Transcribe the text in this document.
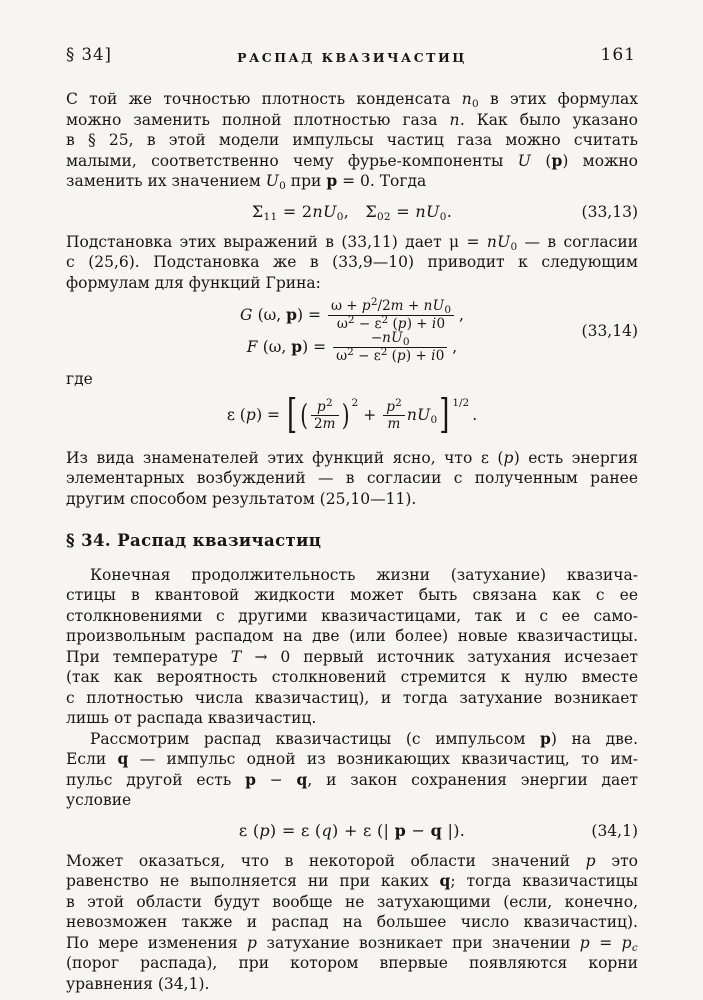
§ 34]	РАСПАД КВАЗИЧАСТИЦ	161
С той же точностью плотность конденсата $n_0$ в этих формулах
можно заменить полной плотностью газа n. Как было указано
в § 25, в этой модели импульсы частиц газа можно считать
малыми, соответственно чему фурье-компоненты U (p) можно
заменить их значением $U_0$ при p = 0. Тогда
$\Sigma_{11} = 2nU_0$,   $\Sigma_{02} = nU_0$.	(33,13)
Подстановка этих выражений в (33,11) дает $\mu = nU_0$ — в согласии
с (25,6). Подстановка же в (33,9—10) приводит к следующим
формулам для функций Грина:
G (ω, $p) = \frac{\omega + p^2/2m + nU_0}{\omega^2 - \varepsilon^2 (p) + i0}$ ,
F (ω, $p) = \frac{-nU_0}{\omega^2 - \varepsilon^2 (p) + i0}$ ,
(33,14)
где
ε (p) = [ ( $\frac{p^2}{2m}$ ) 2
+ $\frac{p^2}{m} nU_0$ ] 1/2
.
Из вида знаменателей этих функций ясно, что ε (p) есть энергия
элементарных возбуждений — в согласии с полученным ранее
другим способом результатом (25,10—11).
§ 34. Распад квазичастиц
Конечная продолжительность жизни (затухание) квазича-
стицы в квантовой жидкости может быть связана как с ее
столкновениями с другими квазичастицами, так и с ее само-
произвольным распадом на две (или более) новые квазичастицы.
При температуре T → 0 первый источник затухания исчезает
(так как вероятность столкновений стремится к нулю вместе
с плотностью числа квазичастиц), и тогда затухание возникает
лишь от распада квазичастиц.
Рассмотрим распад квазичастицы (с импульсом p) на две.
Если q — импульс одной из возникающих квазичастиц, то им-
пульс другой есть p − q, и закон сохранения энергии дает
условие
ε (p) = ε (q) + ε (| p − q |).	(34,1)
Может оказаться, что в некоторой области значений p это
равенство не выполняется ни при каких q; тогда квазичастицы
в этой области будут вообще не затухающими (если, конечно,
невозможен также и распад на большее число квазичастиц).
По мере изменения p затухание возникает при значении $p = p_c$
(порог распада), при котором впервые появляются корни
уравнения (34,1).
